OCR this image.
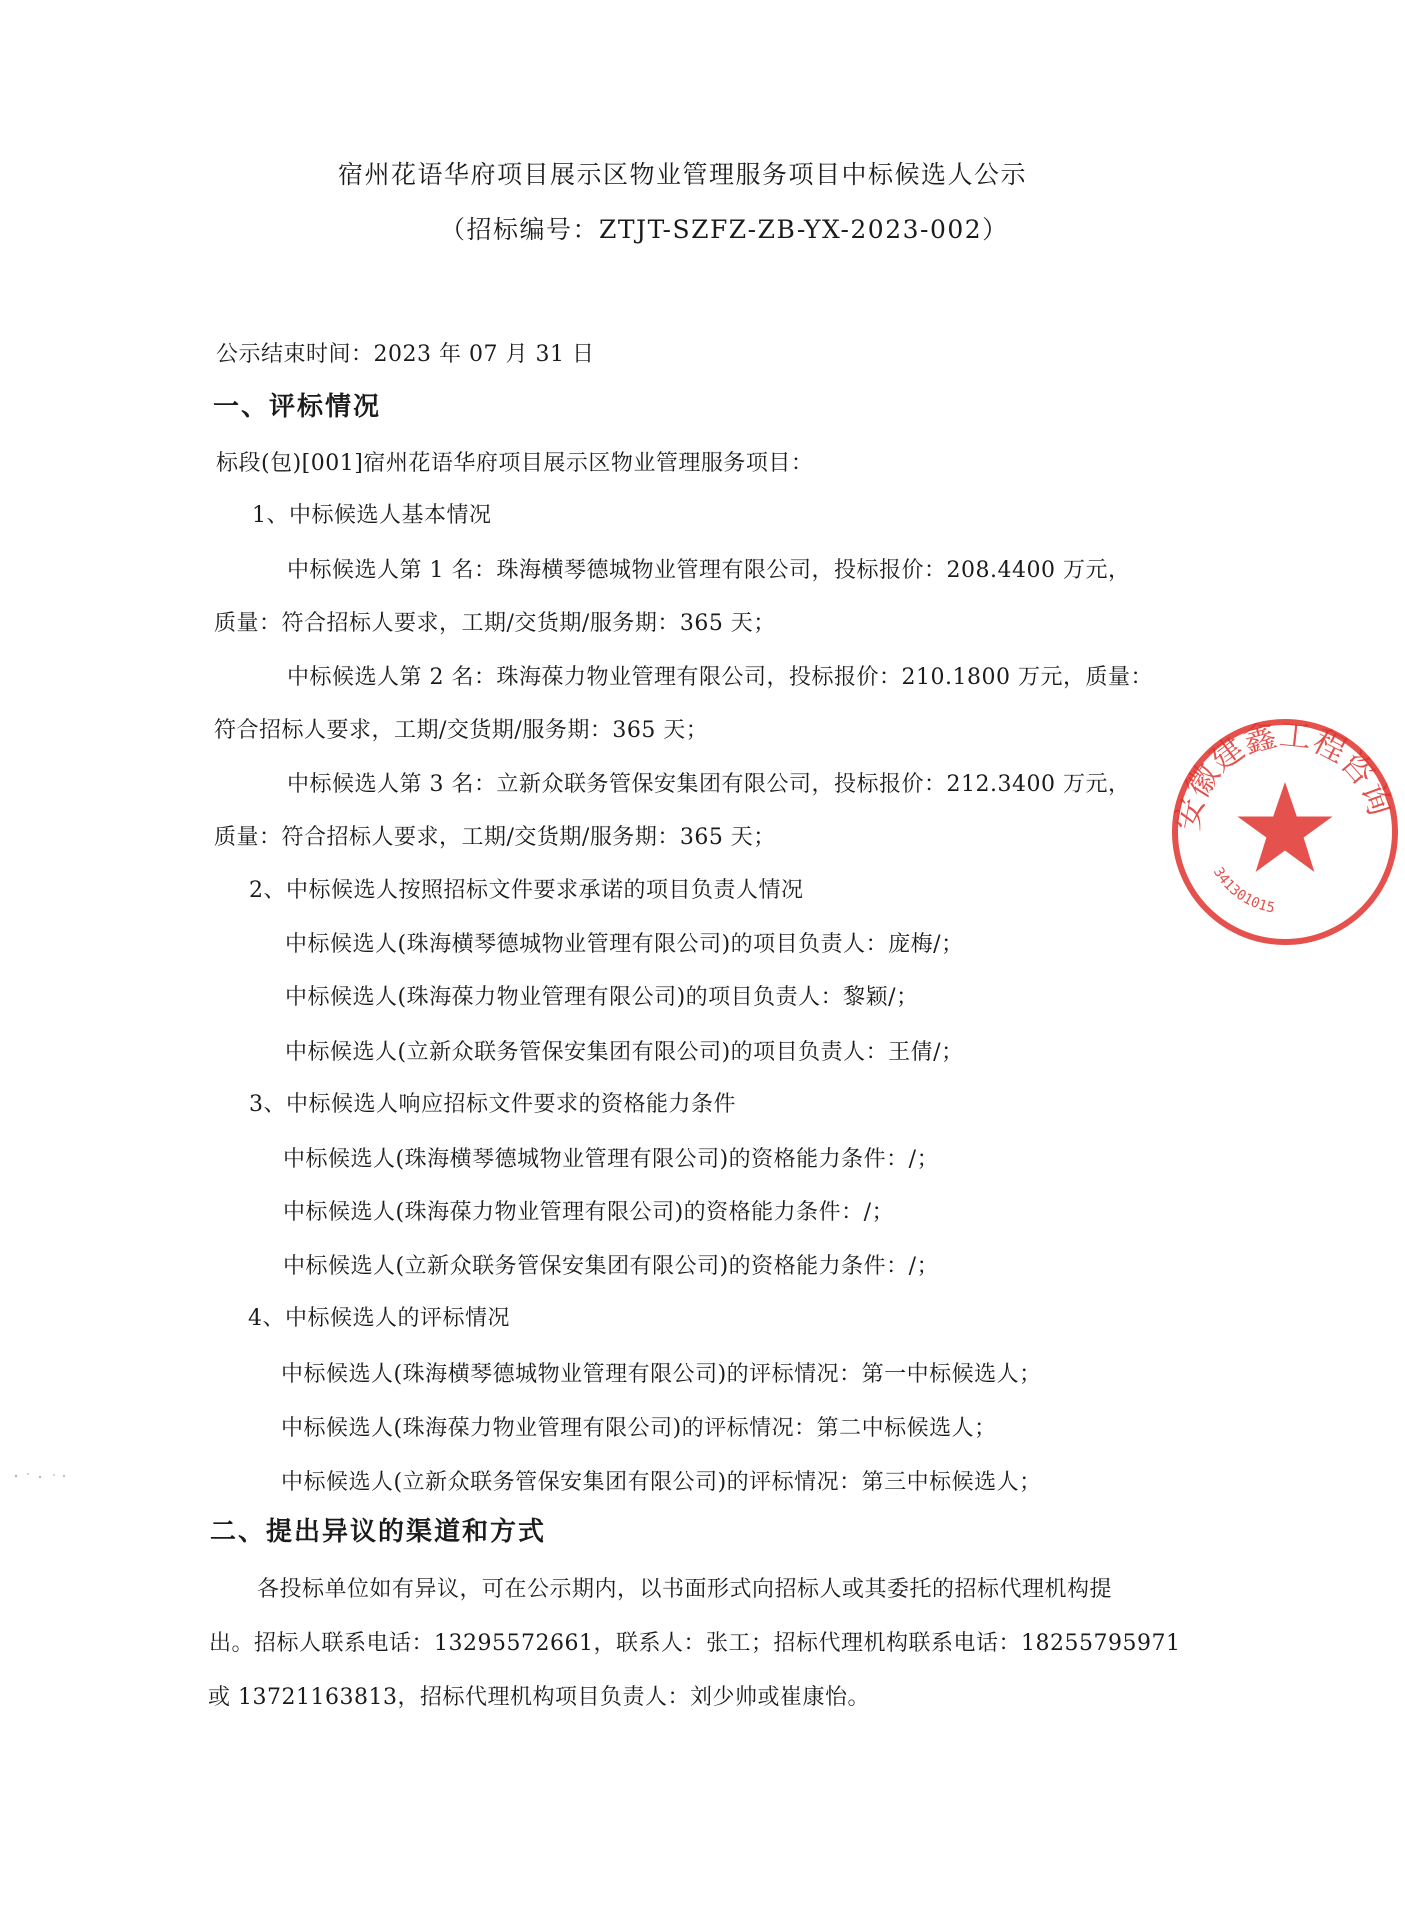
宿州花语华府项目展示区物业管理服务项目中标候选人公示
（招标编号：ZTJT-SZFZ-ZB-YX-2023-002）
公示结束时间：2023 年 07 月 31 日
一、评标情况
标段(包)[001]宿州花语华府项目展示区物业管理服务项目：
1、中标候选人基本情况
中标候选人第 1 名：珠海横琴德城物业管理有限公司，投标报价：208.4400 万元，
质量：符合招标人要求，工期/交货期/服务期：365 天；
中标候选人第 2 名：珠海葆力物业管理有限公司，投标报价：210.1800 万元，质量：
符合招标人要求，工期/交货期/服务期：365 天；
中标候选人第 3 名：立新众联务管保安集团有限公司，投标报价：212.3400 万元，
质量：符合招标人要求，工期/交货期/服务期：365 天；
2、中标候选人按照招标文件要求承诺的项目负责人情况
中标候选人(珠海横琴德城物业管理有限公司)的项目负责人：庞梅/；
中标候选人(珠海葆力物业管理有限公司)的项目负责人：黎颖/；
中标候选人(立新众联务管保安集团有限公司)的项目负责人：王倩/；
3、中标候选人响应招标文件要求的资格能力条件
中标候选人(珠海横琴德城物业管理有限公司)的资格能力条件：/；
中标候选人(珠海葆力物业管理有限公司)的资格能力条件：/；
中标候选人(立新众联务管保安集团有限公司)的资格能力条件：/；
4、中标候选人的评标情况
中标候选人(珠海横琴德城物业管理有限公司)的评标情况：第一中标候选人；
中标候选人(珠海葆力物业管理有限公司)的评标情况：第二中标候选人；
中标候选人(立新众联务管保安集团有限公司)的评标情况：第三中标候选人；
二、提出异议的渠道和方式
各投标单位如有异议，可在公示期内，以书面形式向招标人或其委托的招标代理机构提
出。招标人联系电话：13295572661，联系人：张工；招标代理机构联系电话：18255795971
或 13721163813，招标代理机构项目负责人：刘少帅或崔康怡。
安徽建鑫工程咨询
341301015
